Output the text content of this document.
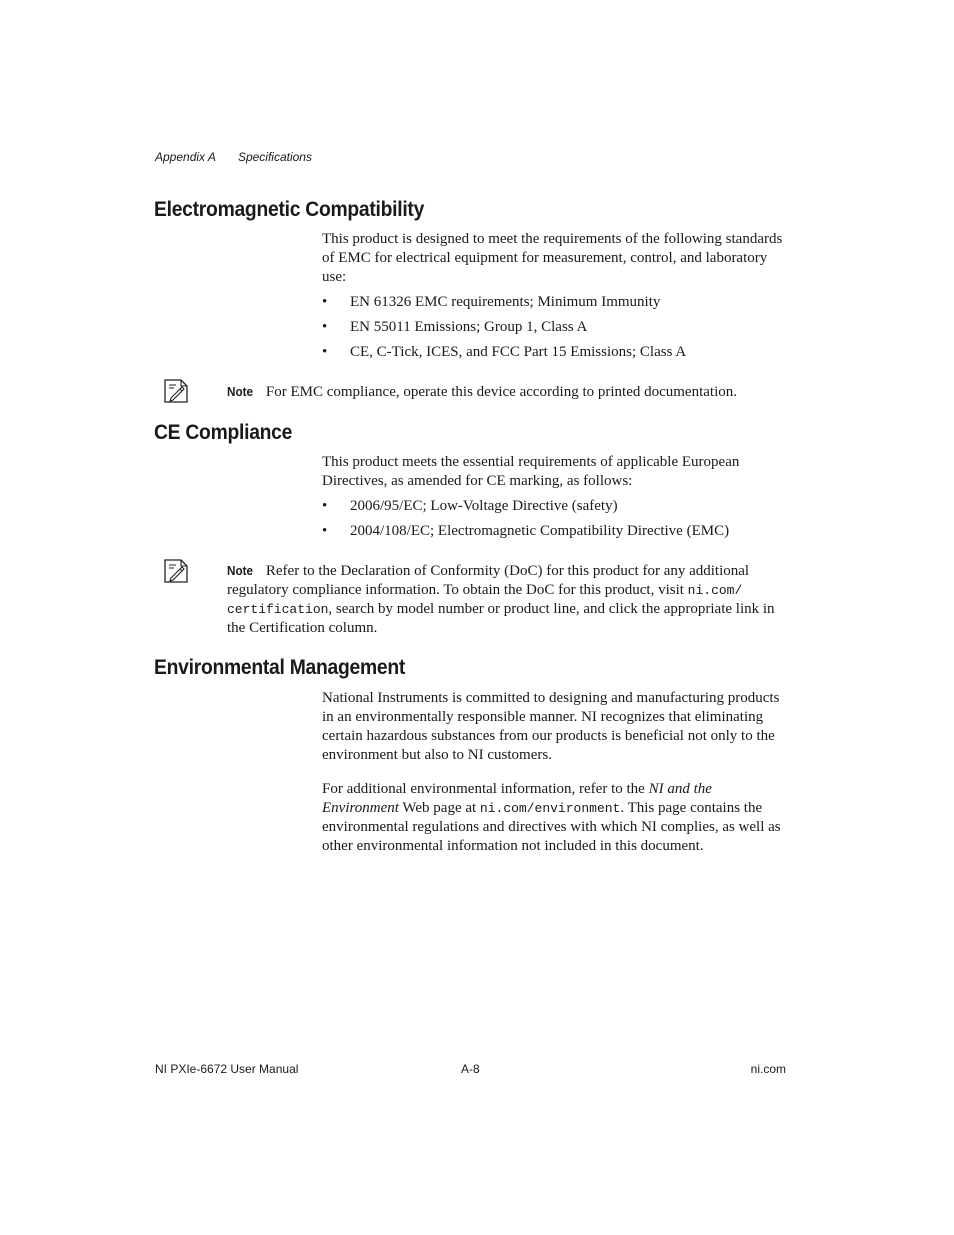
Appendix A Specifications
Electromagnetic Compatibility

This product is designed to meet the requirements of the following standards of EMC for electrical equipment for measurement, control, and laboratory use:

• EN 61326 EMC requirements; Minimum Immunity
• EN 55011 Emissions; Group 1, Class A
• CE, C-Tick, ICES, and FCC Part 15 Emissions; Class A
Note For EMC compliance, operate this device according to printed documentation.
CE Compliance

This product meets the essential requirements of applicable European Directives, as amended for CE marking, as follows:

• 2006/95/EC; Low-Voltage Directive (safety)
• 2004/108/EC; Electromagnetic Compatibility Directive (EMC)
Note Refer to the Declaration of Conformity (DoC) for this product for any additional regulatory compliance information. To obtain the DoC for this product, visit ni.com/
certification, search by model number or product line, and click the appropriate link in the Certification column.
Environmental Management

National Instruments is committed to designing and manufacturing products in an environmentally responsible manner. NI recognizes that eliminating certain hazardous substances from our products is beneficial not only to the environment but also to NI customers.

For additional environmental information, refer to the NI and the
Environment Web page at ni.com/environment. This page contains the environmental regulations and directives with which NI complies, as well as other environmental information not included in this document.

NI PXIe-6672 User Manual	A-8	ni.com
